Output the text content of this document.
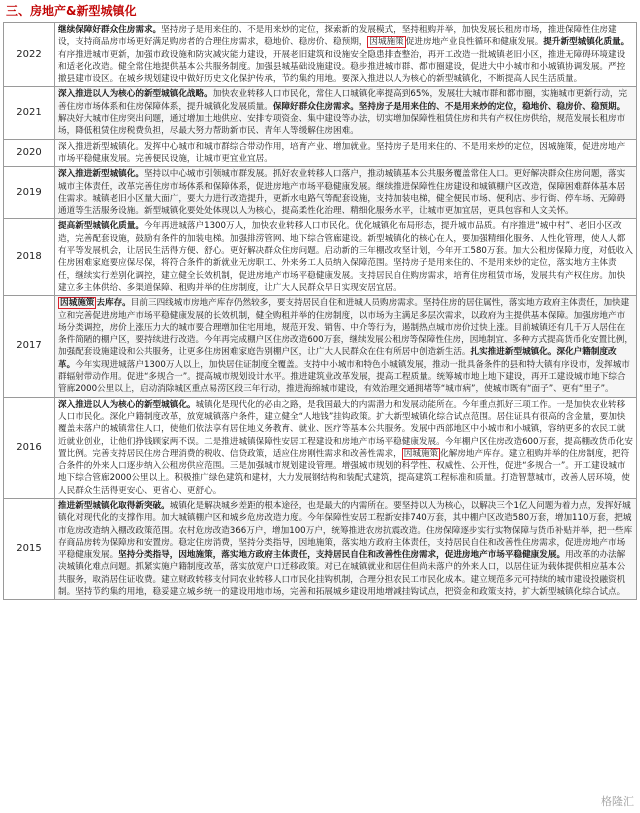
三、房地产&新型城镇化
2022	继续保障好群众住房需求。坚持房子是用来住的、不是用来炒的定位，探索新的发展模式，坚持租购并举，加快发展长租房市场，推进保障性住房建设，支持商品房市场更好满足购房者的合理住房需求，稳地价、稳房价、稳预期， 因城施策 促进房地产业良性循环和健康发展。提升新型城镇化质量。有序推进城市更新，加强市政设施和防灾减灾能力建设，开展老旧建筑和设施安全隐患排查整治，再开工改造一批城镇老旧小区，推进无障碍环境建设和适老化改造。健全常住地提供基本公共服务制度。加强县城基础设施建设。稳步推进城市群、都市圈建设，促进大中小城市和小城镇协调发展。严控撤县建市设区。在城乡规划建设中做好历史文化保护传承，节约集约用地。要深入推进以人为核心的新型城镇化，不断提高人民生活质量。
2021	深入推进以人为核心的新型城镇化战略。加快农业转移人口市民化，常住人口城镇化率提高到65%，发展壮大城市群和都市圈，实施城市更新行动，完善住房市场体系和住房保障体系，提升城镇化发展质量。保障好群众住房需求。坚持房子是用来住的、不是用来炒的定位，稳地价、稳房价、稳预期。解决好大城市住房突出问题，通过增加土地供应、安排专项资金、集中建设等办法，切实增加保障性租赁住房和共有产权住房供给，规范发展长租房市场，降低租赁住房税费负担，尽最大努力帮助新市民、青年人等缓解住房困难。
2020	深入推进新型城镇化。发挥中心城市和城市群综合带动作用，培育产业、增加就业。坚持房子是用来住的、不是用来炒的定位，因城施策，促进房地产市场平稳健康发展。完善便民设施，让城市更宜业宜居。
2019	深入推进新型城镇化。坚持以中心城市引领城市群发展。抓好农业转移人口落户，推动城镇基本公共服务覆盖常住人口。更好解决群众住房问题，落实城市主体责任，改革完善住房市场体系和保障体系，促进房地产市场平稳健康发展。继续推进保障性住房建设和城镇棚户区改造，保障困难群体基本居住需求。城镇老旧小区量大面广，要大力进行改造提升，更新水电路气等配套设施，支持加装电梯，健全便民市场、便利店、步行街、停车场、无障碍通道等生活服务设施。新型城镇化要处处体现以人为核心，提高柔性化治理、精细化服务水平，让城市更加宜居，更具包容和人文关怀。
2018	提高新型城镇化质量。今年再进城落户1300万人，加快农业转移人口市民化。优化城镇化布局形态，提升城市品质。有序推进“城中村”、老旧小区改造，完善配套设施，鼓励有条件的加装电梯。加强排涝管网、地下综合管廊建设。新型城镇化的核心在人，要加强精细化服务、人性化管理，使人人都有平等发展机会，让居民生活得方便、舒心。更好解决群众住房问题。启动新的三年棚改攻坚计划，今年开工580万套。加大公租房保障力度，对低收入住房困难家庭要应保尽保，将符合条件的新就业无房职工、外来务工人员纳入保障范围。坚持房子是用来住的、不是用来炒的定位，落实地方主体责任，继续实行差别化调控，建立健全长效机制，促进房地产市场平稳健康发展。支持居民自住购房需求，培育住房租赁市场，发展共有产权住房。加快建立多主体供给、多渠道保障、租购并举的住房制度，让广大人民群众早日实现安居宜居。
2017	因城施策 去库存。目前三四线城市房地产库存仍然较多，要支持居民自住和进城人员购房需求。坚持住房的居住属性，落实地方政府主体责任，加快建立和完善促进房地产市场平稳健康发展的长效机制，健全购租并举的住房制度，以市场为主满足多层次需求，以政府为主提供基本保障。加强房地产市场分类调控，房价上涨压力大的城市要合理增加住宅用地，规范开发、销售、中介等行为，遏制热点城市房价过快上涨。目前城镇还有几千万人居住在条件简陋的棚户区，要持续进行改造。今年再完成棚户区住房改造600万套，继续发展公租房等保障性住房，因地制宜、多种方式提高货币化安置比例，加强配套设施建设和公共服务，让更多住房困难家庭告别棚户区，让广大人民群众在住有所居中创造新生活。扎实推进新型城镇化。深化户籍制度改革。今年实现进城落户1300万人以上，加快居住证制度全覆盖。支持中小城市和特色小城镇发展，推动一批具备条件的县和特大镇有序设市，发挥城市群辐射带动作用。促进“多规合一”。提高城市规划设计水平。推进建筑业改革发展，提高工程质量。统筹城市地上地下建设，再开工建设城市地下综合管廊2000公里以上，启动消除城区重点易涝区段三年行动，推进海绵城市建设，有效治理交通拥堵等“城市病”，使城市既有“面子”、更有“里子”。
2016	深入推进以人为核心的新型城镇化。城镇化是现代化的必由之路，是我国最大的内需潜力和发展动能所在。今年重点抓好三项工作。一是加快农业转移人口市民化。深化户籍制度改革，放宽城镇落户条件，建立健全“人地钱”挂钩政策。扩大新型城镇化综合试点范围。居住证具有很高的含金量，要加快覆盖未落户的城镇常住人口，使他们依法享有居住地义务教育、就业、医疗等基本公共服务。发展中西部地区中小城市和小城镇，容纳更多的农民工就近就业创业，让他们挣钱顾家两不误。二是推进城镇保障性安居工程建设和房地产市场平稳健康发展。今年棚户区住房改造600万套，提高棚改货币化安置比例。完善支持居民住房合理消费的税收、信贷政策，适应住房刚性需求和改善性需求， 因城施策 化解房地产库存。建立租购并举的住房制度，把符合条件的外来人口逐步纳入公租房供应范围。三是加强城市规划建设管理。增强城市规划的科学性、权威性、公开性，促进“多规合一”。开工建设城市地下综合管廊2000公里以上。积极推广绿色建筑和建材，大力发展钢结构和装配式建筑，提高建筑工程标准和质量。打造智慧城市，改善人居环境，使人民群众生活得更安心、更省心、更舒心。
2015	推进新型城镇化取得新突破。城镇化是解决城乡差距的根本途径，也是最大的内需所在。要坚持以人为核心，以解决三个1亿人问题为着力点，发挥好城镇化对现代化的支撑作用。加大城镇棚户区和城乡危房改造力度。今年保障性安居工程新安排740万套，其中棚户区改造580万套，增加110万套，把城市危房改造纳入棚改政策范围。农村危房改造366万户，增加100万户，统筹推进农房抗震改造。住房保障逐步实行实物保障与货币补贴并举，把一些库存商品房转为保障房和安置房。稳定住房消费，坚持分类指导，因地施策，落实地方政府主体责任，支持居民自住和改善性住房需求，促进房地产市场平稳健康发展。坚持分类指导，因地施策，落实地方政府主体责任，支持居民自住和改善性住房需求，促进房地产市场平稳健康发展。用改革的办法解决城镇化难点问题。抓紧实施户籍制度改革，落实放宽户口迁移政策。对已在城镇就业和居住但尚未落户的外来人口，以居住证为载体提供相应基本公共服务，取消居住证收费。建立财政转移支付同农业转移人口市民化挂钩机制，合理分担农民工市民化成本。建立规范多元可持续的城市建设投融资机制。坚持节约集约用地，稳妥建立城乡统一的建设用地市场，完善和拓展城乡建设用地增减挂钩试点，把资金和政策支持，扩大新型城镇化综合试点。
格隆汇
